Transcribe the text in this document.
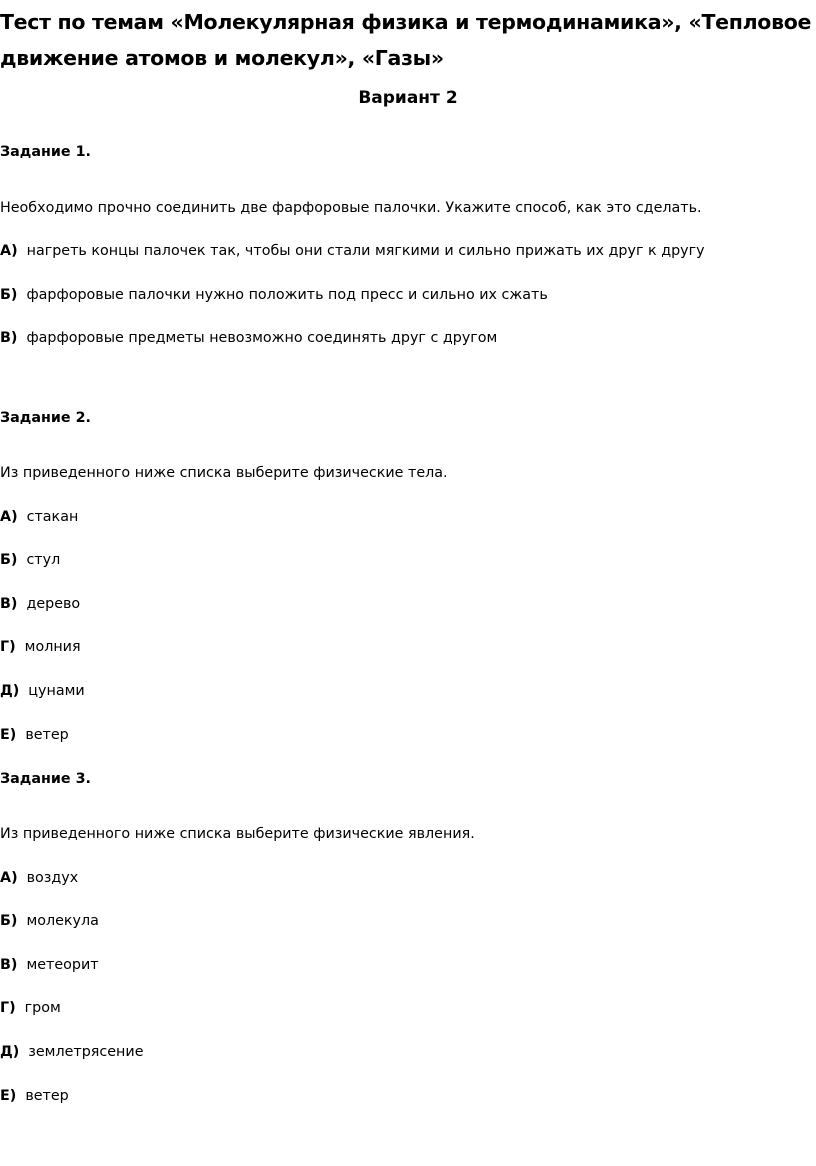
Тест по темам «Молекулярная физика и термодинамика», «Тепловое движение атомов и молекул», «Газы»
Вариант 2
Задание 1.
Необходимо прочно соединить две фарфоровые палочки. Укажите способ, как это сделать.
А) нагреть концы палочек так, чтобы они стали мягкими и сильно прижать их друг к другу
Б) фарфоровые палочки нужно положить под пресс и сильно их сжать
В) фарфоровые предметы невозможно соединять друг с другом
Задание 2.
Из приведенного ниже списка выберите физические тела.
А) стакан
Б) стул
В) дерево
Г) молния
Д) цунами
Е) ветер
Задание 3.
Из приведенного ниже списка выберите физические явления.
А) воздух
Б) молекула
В) метеорит
Г) гром
Д) землетрясение
Е) ветер
